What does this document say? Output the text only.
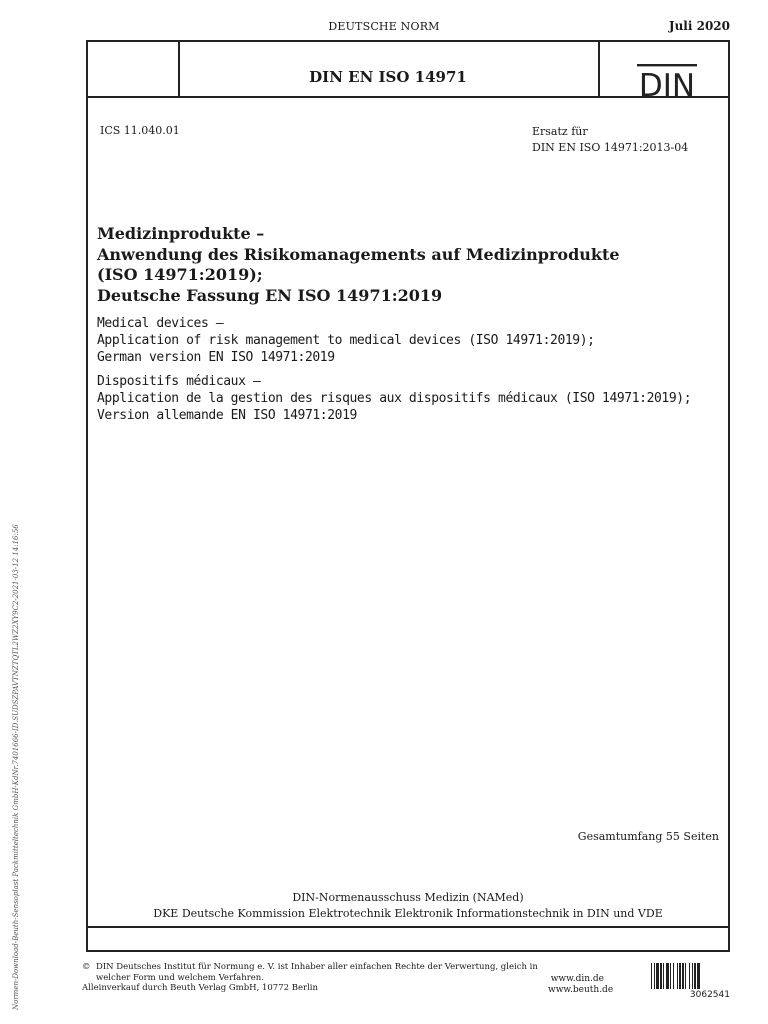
DEUTSCHE NORM	Juli 2020
DIN EN ISO 14971	DIN
ICS 11.040.01	Ersatz für
DIN EN ISO 14971:2013-04
Medizinprodukte –
Anwendung des Risikomanagements auf Medizinprodukte
(ISO 14971:2019);
Deutsche Fassung EN ISO 14971:2019
Medical devices –
Application of risk management to medical devices (ISO 14971:2019);
German version EN ISO 14971:2019
Dispositifs médicaux –
Application de la gestion des risques aux dispositifs médicaux (ISO 14971:2019);
Version allemande EN ISO 14971:2019
Gesamtumfang 55 Seiten
DIN-Normenausschuss Medizin (NAMed)
DKE Deutsche Kommission Elektrotechnik Elektronik Informationstechnik in DIN und VDE
© DIN Deutsches Institut für Normung e. V. ist Inhaber aller einfachen Rechte der Verwertung, gleich in
welcher Form und welchem Verfahren.
Alleinverkauf durch Beuth Verlag GmbH, 10772 Berlin
www.din.de
www.beuth.de	3062541
Normen-Download-Beuth-Sensoplast Packmitteltechnik GmbH-KdNr.7401666-ID.SUDSZPAVTNZTQTL2WZ2XY9C2-2021-03-12 14:16:56
